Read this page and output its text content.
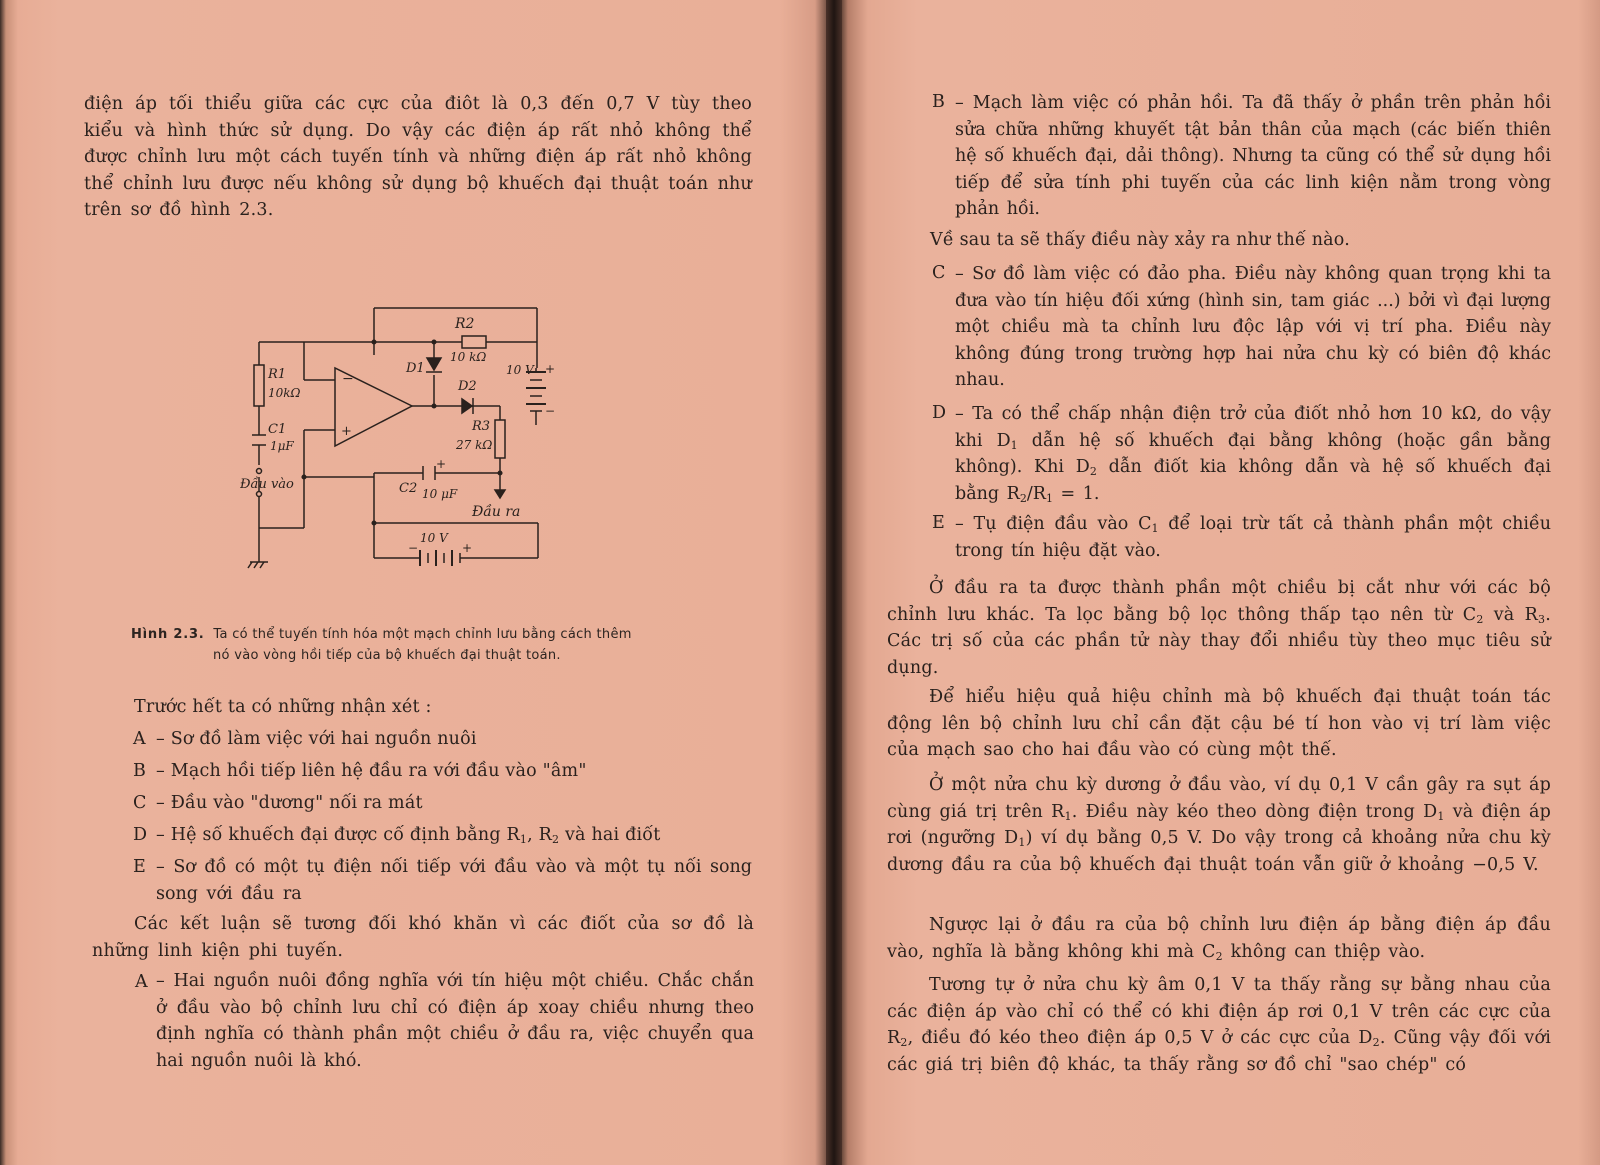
điện áp tối thiểu giữa các cực của điôt là 0,3 đến 0,7 V tùy theo kiểu và hình thức sử dụng. Do vậy các điện áp rất nhỏ không thể được chỉnh lưu một cách tuyến tính và những điện áp rất nhỏ không thể chỉnh lưu được nếu không sử dụng bộ khuếch đại thuật toán như trên sơ đồ hình 2.3.
R2
10 kΩ
R1
10kΩ
C1
1μF
D1
D2
R3
27 kΩ
C2 10 μF
10 V
10 V
Đầu vào
Đầu ra
−
+
+
−
+
−	+
Hình 2.3. Ta có thể tuyến tính hóa một mạch chỉnh lưu bằng cách thêm
nó vào vòng hồi tiếp của bộ khuếch đại thuật toán.
Trước hết ta có những nhận xét :
A – Sơ đồ làm việc với hai nguồn nuôi
B – Mạch hồi tiếp liên hệ đầu ra với đầu vào "âm"
C – Đầu vào "dương" nối ra mát
D – Hệ số khuếch đại được cố định bằng $R_1$, $R_2$ và hai điốt
E – Sơ đồ có một tụ điện nối tiếp với đầu vào và một tụ nối song song với đầu ra
Các kết luận sẽ tương đối khó khăn vì các điốt của sơ đồ là những linh kiện phi tuyến.
A – Hai nguồn nuôi đồng nghĩa với tín hiệu một chiều. Chắc chắn ở đầu vào bộ chỉnh lưu chỉ có điện áp xoay chiều nhưng theo định nghĩa có thành phần một chiều ở đầu ra, việc chuyển qua hai nguồn nuôi là khó.
B – Mạch làm việc có phản hồi. Ta đã thấy ở phần trên phản hồi sửa chữa những khuyết tật bản thân của mạch (các biến thiên hệ số khuếch đại, dải thông). Nhưng ta cũng có thể sử dụng hồi tiếp để sửa tính phi tuyến của các linh kiện nằm trong vòng phản hồi.
Về sau ta sẽ thấy điều này xảy ra như thế nào.
C – Sơ đồ làm việc có đảo pha. Điều này không quan trọng khi ta đưa vào tín hiệu đối xứng (hình sin, tam giác ...) bởi vì đại lượng một chiều mà ta chỉnh lưu độc lập với vị trí pha. Điều này không đúng trong trường hợp hai nửa chu kỳ có biên độ khác nhau.
D – Ta có thể chấp nhận điện trở của điốt nhỏ hơn 10 kΩ, do vậy khi $D_1$ dẫn hệ số khuếch đại bằng không (hoặc gần bằng không). Khi $D_2$ dẫn điốt kia không dẫn và hệ số khuếch đại bằng $R_2/R_1 = 1$.
E – Tụ điện đầu vào $C_1$ để loại trừ tất cả thành phần một chiều trong tín hiệu đặt vào.
Ở đầu ra ta được thành phần một chiều bị cắt như với các bộ chỉnh lưu khác. Ta lọc bằng bộ lọc thông thấp tạo nên từ $C_2$ và $R_3$. Các trị số của các phần tử này thay đổi nhiều tùy theo mục tiêu sử dụng.
Để hiểu hiệu quả hiệu chỉnh mà bộ khuếch đại thuật toán tác động lên bộ chỉnh lưu chỉ cần đặt cậu bé tí hon vào vị trí làm việc của mạch sao cho hai đầu vào có cùng một thế.
Ở một nửa chu kỳ dương ở đầu vào, ví dụ 0,1 V cần gây ra sụt áp cùng giá trị trên $R_1$. Điều này kéo theo dòng điện trong $D_1$ và điện áp rơi (ngưỡng $D_1$) ví dụ bằng 0,5 V. Do vậy trong cả khoảng nửa chu kỳ dương đầu ra của bộ khuếch đại thuật toán vẫn giữ ở khoảng −0,5 V.
Ngược lại ở đầu ra của bộ chỉnh lưu điện áp bằng điện áp đầu vào, nghĩa là bằng không khi mà $C_2$ không can thiệp vào.
Tương tự ở nửa chu kỳ âm 0,1 V ta thấy rằng sự bằng nhau của các điện áp vào chỉ có thể có khi điện áp rơi 0,1 V trên các cực của $R_2$, điều đó kéo theo điện áp 0,5 V ở các cực của $D_2$. Cũng vậy đối với các giá trị biên độ khác, ta thấy rằng sơ đồ chỉ "sao chép" có
